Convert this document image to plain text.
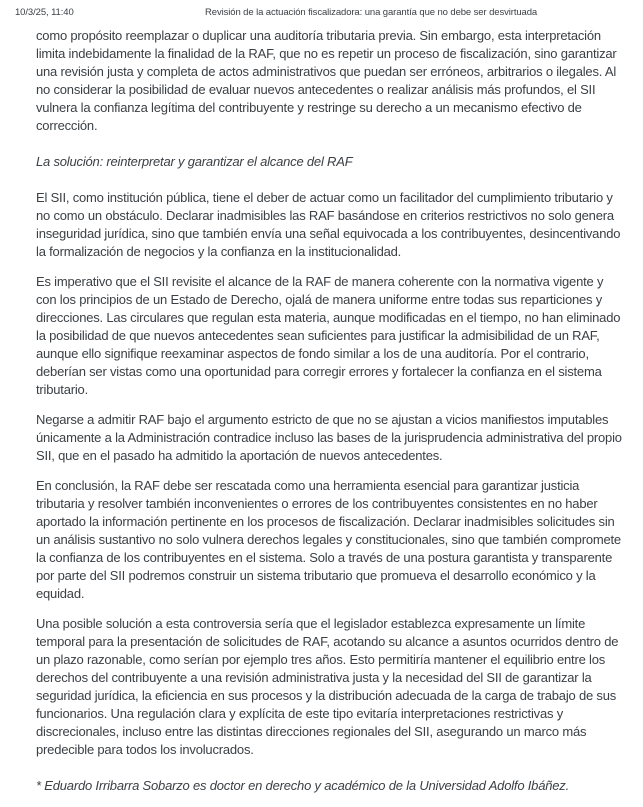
10/3/25, 11:40	Revisión de la actuación fiscalizadora: una garantía que no debe ser desvirtuada

como propósito reemplazar o duplicar una auditoría tributaria previa. Sin embargo, esta interpretación limita indebidamente la finalidad de la RAF, que no es repetir un proceso de fiscalización, sino garantizar una revisión justa y completa de actos administrativos que puedan ser erróneos, arbitrarios o ilegales. Al no considerar la posibilidad de evaluar nuevos antecedentes o realizar análisis más profundos, el SII vulnera la confianza legítima del contribuyente y restringe su derecho a un mecanismo efectivo de corrección.

La solución: reinterpretar y garantizar el alcance del RAF

El SII, como institución pública, tiene el deber de actuar como un facilitador del cumplimiento tributario y no como un obstáculo. Declarar inadmisibles las RAF basándose en criterios restrictivos no solo genera inseguridad jurídica, sino que también envía una señal equivocada a los contribuyentes, desincentivando la formalización de negocios y la confianza en la institucionalidad.

Es imperativo que el SII revisite el alcance de la RAF de manera coherente con la normativa vigente y con los principios de un Estado de Derecho, ojalá de manera uniforme entre todas sus reparticiones y direcciones. Las circulares que regulan esta materia, aunque modificadas en el tiempo, no han eliminado la posibilidad de que nuevos antecedentes sean suficientes para justificar la admisibilidad de un RAF, aunque ello signifique reexaminar aspectos de fondo similar a los de una auditoría. Por el contrario, deberían ser vistas como una oportunidad para corregir errores y fortalecer la confianza en el sistema tributario.

Negarse a admitir RAF bajo el argumento estricto de que no se ajustan a vicios manifiestos imputables únicamente a la Administración contradice incluso las bases de la jurisprudencia administrativa del propio SII, que en el pasado ha admitido la aportación de nuevos antecedentes.

En conclusión, la RAF debe ser rescatada como una herramienta esencial para garantizar justicia tributaria y resolver también inconvenientes o errores de los contribuyentes consistentes en no haber aportado la información pertinente en los procesos de fiscalización. Declarar inadmisibles solicitudes sin un análisis sustantivo no solo vulnera derechos legales y constitucionales, sino que también compromete la confianza de los contribuyentes en el sistema. Solo a través de una postura garantista y transparente por parte del SII podremos construir un sistema tributario que promueva el desarrollo económico y la equidad.

Una posible solución a esta controversia sería que el legislador establezca expresamente un límite temporal para la presentación de solicitudes de RAF, acotando su alcance a asuntos ocurridos dentro de un plazo razonable, como serían por ejemplo tres años. Esto permitiría mantener el equilibrio entre los derechos del contribuyente a una revisión administrativa justa y la necesidad del SII de garantizar la seguridad jurídica, la eficiencia en sus procesos y la distribución adecuada de la carga de trabajo de sus funcionarios. Una regulación clara y explícita de este tipo evitaría interpretaciones restrictivas y discrecionales, incluso entre las distintas direcciones regionales del SII, asegurando un marco más predecible para todos los involucrados.

* Eduardo Irribarra Sobarzo es doctor en derecho y académico de la Universidad Adolfo Ibáñez.
